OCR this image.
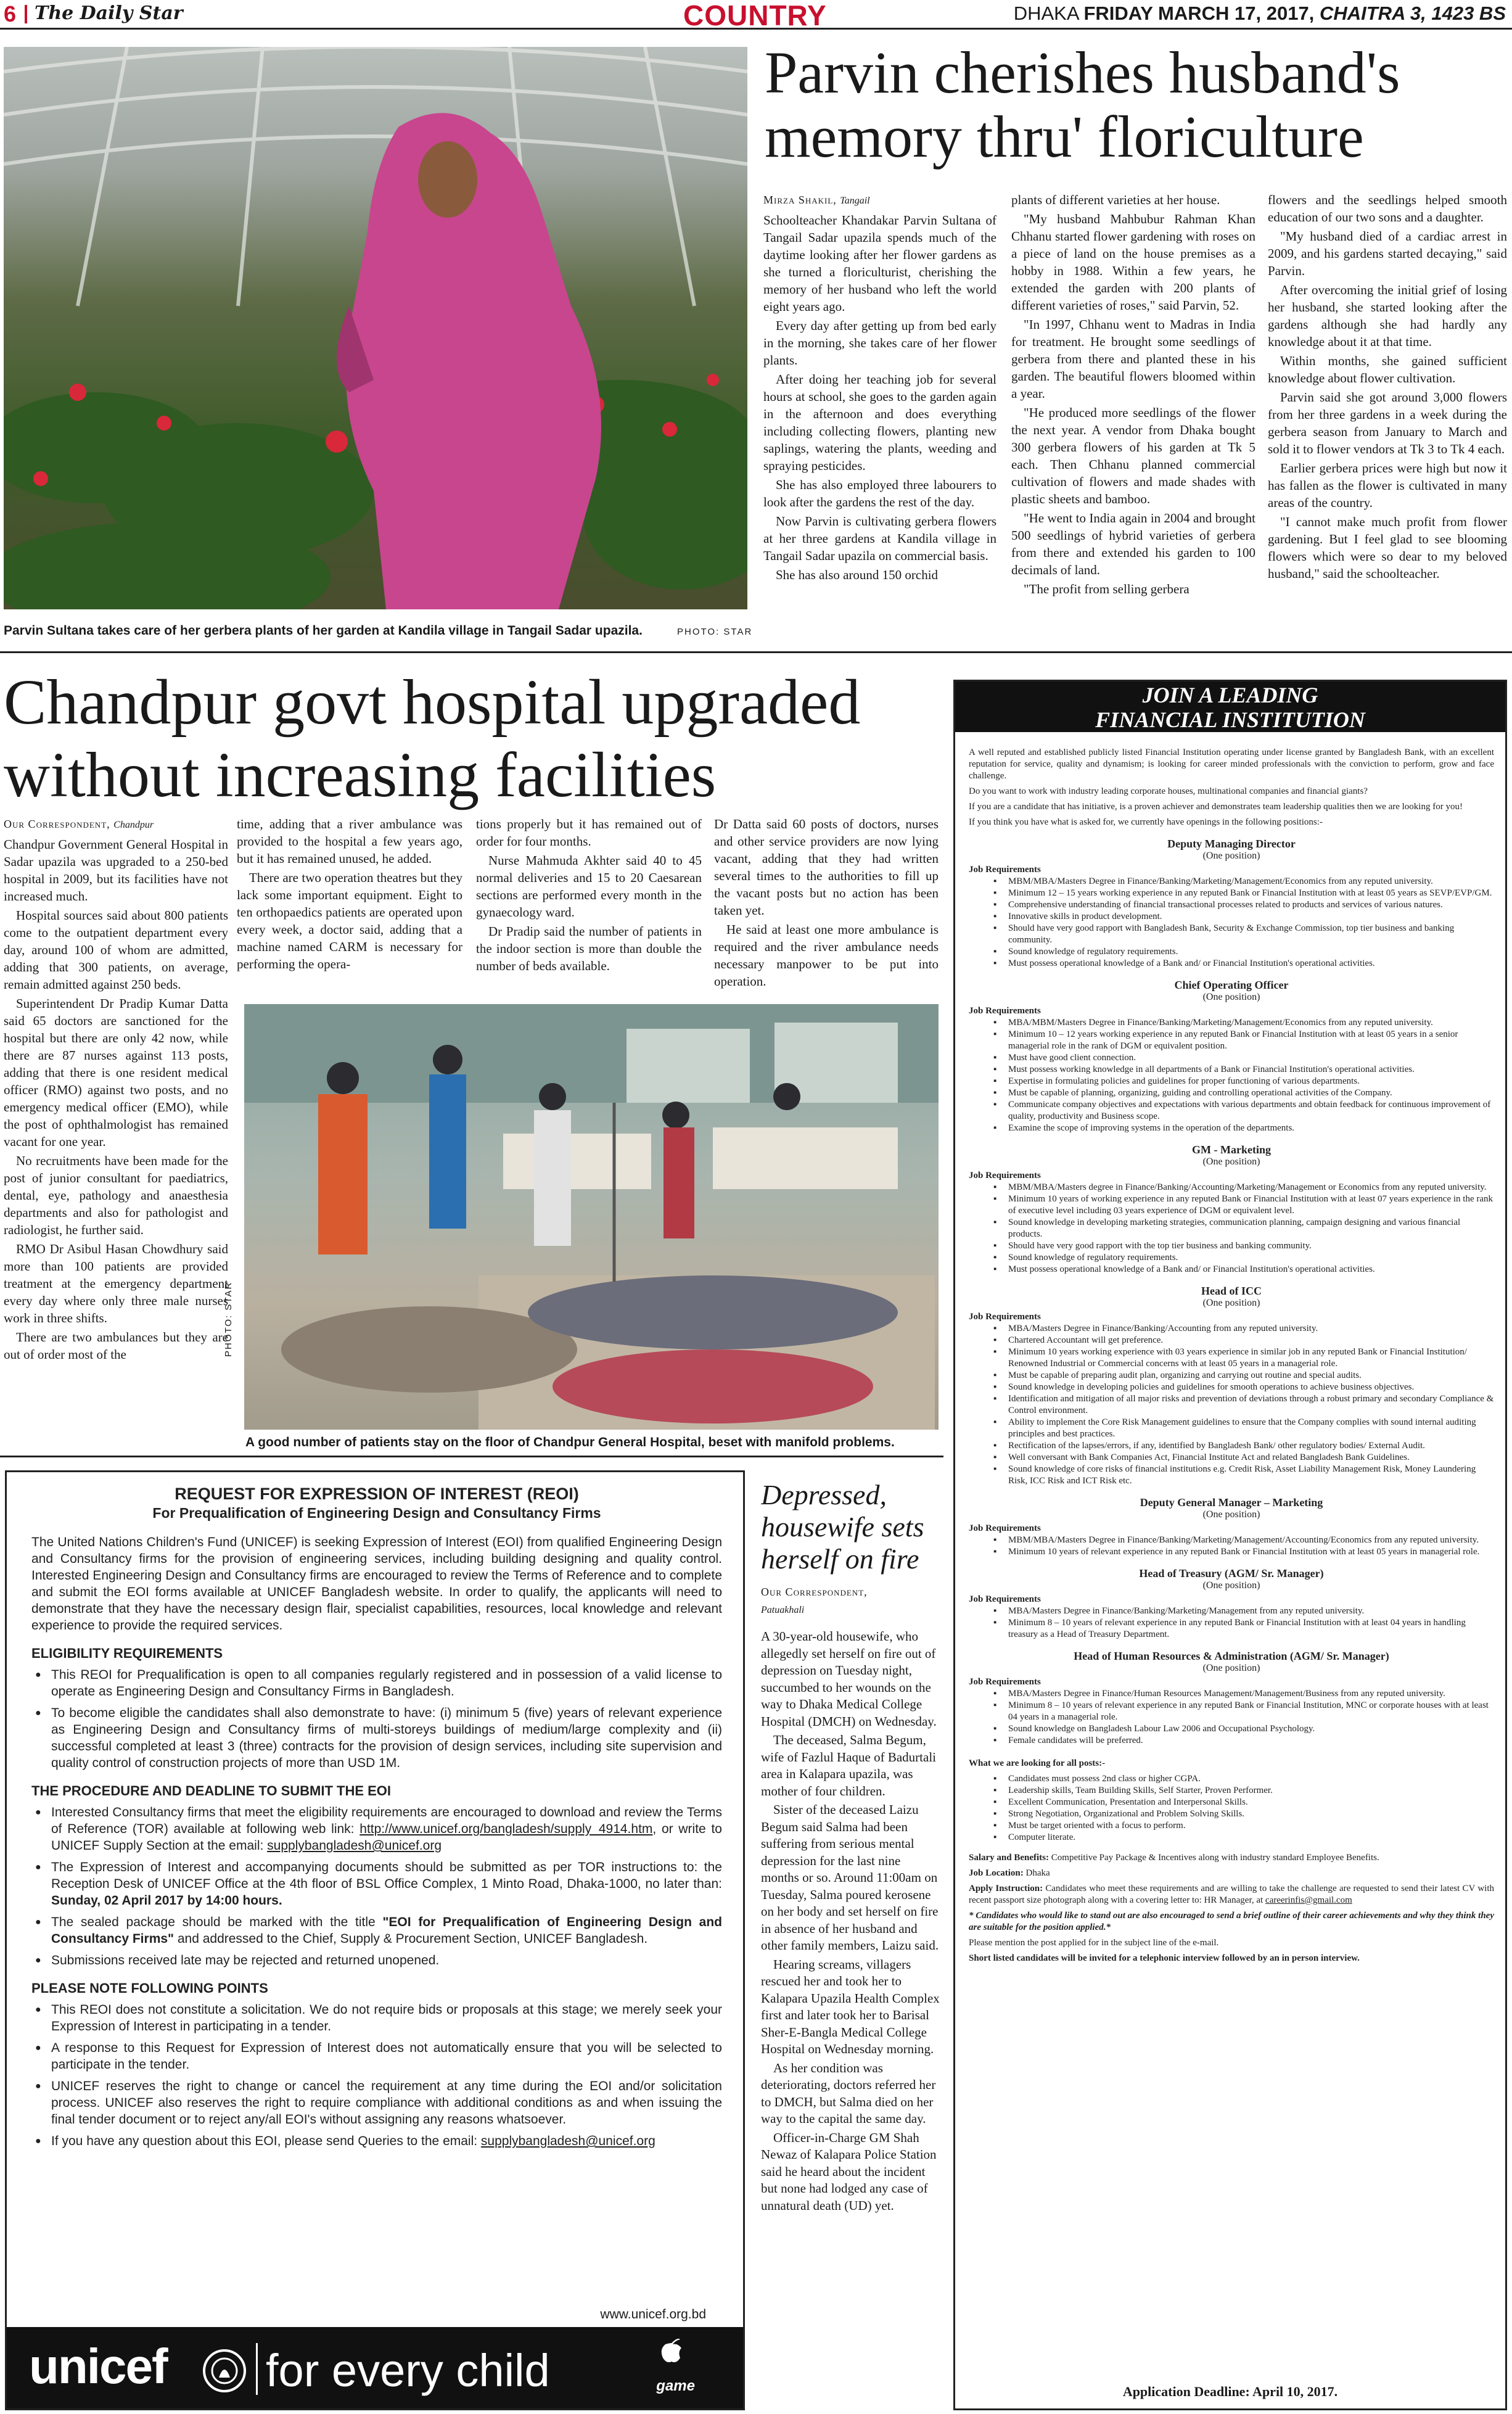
6 The Daily Star	COUNTRY	DHAKA FRIDAY MARCH 17, 2017, CHAITRA 3, 1423 BS
Parvin Sultana takes care of her gerbera plants of her garden at Kandila village in Tangail Sadar upazila.	PHOTO: STAR
Parvin cherishes husband's memory thru' floriculture

Mirza Shakil, Tangail

Schoolteacher Khandakar Parvin Sultana of Tangail Sadar upazila spends much of the daytime looking after her flower gardens as she turned a floriculturist, cherishing the memory of her husband who left the world eight years ago.

Every day after getting up from bed early in the morning, she takes care of her flower plants.

After doing her teaching job for several hours at school, she goes to the garden again in the afternoon and does everything including collecting flowers, planting new saplings, watering the plants, weeding and spraying pesticides.

She has also employed three labourers to look after the gardens the rest of the day.

Now Parvin is cultivating gerbera flowers at her three gardens at Kandila village in Tangail Sadar upazila on commercial basis.

She has also around 150 orchid

plants of different varieties at her house.

"My husband Mahbubur Rahman Khan Chhanu started flower gardening with roses on a piece of land on the house premises as a hobby in 1988. Within a few years, he extended the garden with 200 plants of different varieties of roses," said Parvin, 52.

"In 1997, Chhanu went to Madras in India for treatment. He brought some seedlings of gerbera from there and planted these in his garden. The beautiful flowers bloomed within a year.

"He produced more seedlings of the flower the next year. A vendor from Dhaka bought 300 gerbera flowers of his garden at Tk 5 each. Then Chhanu planned commercial cultivation of flowers and made shades with plastic sheets and bamboo.

"He went to India again in 2004 and brought 500 seedlings of hybrid varieties of gerbera from there and extended his garden to 100 decimals of land.

"The profit from selling gerbera

flowers and the seedlings helped smooth education of our two sons and a daughter.

"My husband died of a cardiac arrest in 2009, and his gardens started decaying," said Parvin.

After overcoming the initial grief of losing her husband, she started looking after the gardens although she had hardly any knowledge about it at that time.

Within months, she gained sufficient knowledge about flower cultivation.

Parvin said she got around 3,000 flowers from her three gardens in a week during the gerbera season from January to March and sold it to flower vendors at Tk 3 to Tk 4 each.

Earlier gerbera prices were high but now it has fallen as the flower is cultivated in many areas of the country.

"I cannot make much profit from flower gardening. But I feel glad to see blooming flowers which were so dear to my beloved husband," said the schoolteacher.

Chandpur govt hospital upgraded without increasing facilities

Our Correspondent, Chandpur

Chandpur Government General Hospital in Sadar upazila was upgraded to a 250-bed hospital in 2009, but its facilities have not increased much.

Hospital sources said about 800 patients come to the outpatient department every day, around 100 of whom are admitted, adding that 300 patients, on average, remain admitted against 250 beds.

Superintendent Dr Pradip Kumar Datta said 65 doctors are sanctioned for the hospital but there are only 42 now, while there are 87 nurses against 113 posts, adding that there is one resident medical officer (RMO) against two posts, and no emergency medical officer (EMO), while the post of ophthalmologist has remained vacant for one year.

No recruitments have been made for the post of junior consultant for paediatrics, dental, eye, pathology and anaesthesia departments and also for pathologist and radiologist, he further said.

RMO Dr Asibul Hasan Chowdhury said more than 100 patients are provided treatment at the emergency department every day where only three male nurses work in three shifts.

There are two ambulances but they are out of order most of the

time, adding that a river ambulance was provided to the hospital a few years ago, but it has remained unused, he added.

There are two operation theatres but they lack some important equipment. Eight to ten orthopaedics patients are operated upon every week, a doctor said, adding that a machine named CARM is necessary for performing the opera-

tions properly but it has remained out of order for four months.

Nurse Mahmuda Akhter said 40 to 45 normal deliveries and 15 to 20 Caesarean sections are performed every month in the gynaecology ward.

Dr Pradip said the number of patients in the indoor section is more than double the number of beds available.

Dr Datta said 60 posts of doctors, nurses and other service providers are now lying vacant, adding that they had written several times to the authorities to fill up the vacant posts but no action has been taken yet.

He said at least one more ambulance is required and the river ambulance needs necessary manpower to be put into operation.

PHOTO: STAR
A good number of patients stay on the floor of Chandpur General Hospital, beset with manifold problems.
JOIN A LEADING
FINANCIAL INSTITUTION

A well reputed and established publicly listed Financial Institution operating under license granted by Bangladesh Bank, with an excellent reputation for service, quality and dynamism; is looking for career minded professionals with the conviction to perform, grow and face challenge.

Do you want to work with industry leading corporate houses, multinational companies and financial giants?

If you are a candidate that has initiative, is a proven achiever and demonstrates team leadership qualities then we are looking for you!

If you think you have what is asked for, we currently have openings in the following positions:-

Deputy Managing Director
(One position)
Job Requirements
▪ MBM/MBA/Masters Degree in Finance/Banking/Marketing/Management/Economics from any reputed university.
▪ Minimum 12 – 15 years working experience in any reputed Bank or Financial Institution with at least 05 years as SEVP/EVP/GM.
▪ Comprehensive understanding of financial transactional processes related to products and services of various natures.
▪ Innovative skills in product development.
▪ Should have very good rapport with Bangladesh Bank, Security & Exchange Commission, top tier business and banking community.
▪ Sound knowledge of regulatory requirements.
▪ Must possess operational knowledge of a Bank and/ or Financial Institution's operational activities.
Chief Operating Officer
(One position)
Job Requirements
▪ MBA/MBM/Masters Degree in Finance/Banking/Marketing/Management/Economics from any reputed university.
▪ Minimum 10 – 12 years working experience in any reputed Bank or Financial Institution with at least 05 years in a senior managerial role in the rank of DGM or equivalent position.
▪ Must have good client connection.
▪ Must possess working knowledge in all departments of a Bank or Financial Institution's operational activities.
▪ Expertise in formulating policies and guidelines for proper functioning of various departments.
▪ Must be capable of planning, organizing, guiding and controlling operational activities of the Company.
▪ Communicate company objectives and expectations with various departments and obtain feedback for continuous improvement of quality, productivity and Business scope.
▪ Examine the scope of improving systems in the operation of the departments.
GM - Marketing
(One position)
Job Requirements
▪ MBM/MBA/Masters degree in Finance/Banking/Accounting/Marketing/Management or Economics from any reputed university.
▪ Minimum 10 years of working experience in any reputed Bank or Financial Institution with at least 07 years experience in the rank of executive level including 03 years experience of DGM or equivalent level.
▪ Sound knowledge in developing marketing strategies, communication planning, campaign designing and various financial products.
▪ Should have very good rapport with the top tier business and banking community.
▪ Sound knowledge of regulatory requirements.
▪ Must possess operational knowledge of a Bank and/ or Financial Institution's operational activities.
Head of ICC
(One position)
Job Requirements
▪ MBA/Masters Degree in Finance/Banking/Accounting from any reputed university.
▪ Chartered Accountant will get preference.
▪ Minimum 10 years working experience with 03 years experience in similar job in any reputed Bank or Financial Institution/ Renowned Industrial or Commercial concerns with at least 05 years in a managerial role.
▪ Must be capable of preparing audit plan, organizing and carrying out routine and special audits.
▪ Sound knowledge in developing policies and guidelines for smooth operations to achieve business objectives.
▪ Identification and mitigation of all major risks and prevention of deviations through a robust primary and secondary Compliance & Control environment.
▪ Ability to implement the Core Risk Management guidelines to ensure that the Company complies with sound internal auditing principles and best practices.
▪ Rectification of the lapses/errors, if any, identified by Bangladesh Bank/ other regulatory bodies/ External Audit.
▪ Well conversant with Bank Companies Act, Financial Institute Act and related Bangladesh Bank Guidelines.
▪ Sound knowledge of core risks of financial institutions e.g. Credit Risk, Asset Liability Management Risk, Money Laundering Risk, ICC Risk and ICT Risk etc.
Deputy General Manager – Marketing
(One position)
Job Requirements
▪ MBM/MBA/Masters Degree in Finance/Banking/Marketing/Management/Accounting/Economics from any reputed university.
▪ Minimum 10 years of relevant experience in any reputed Bank or Financial Institution with at least 05 years in managerial role.
Head of Treasury (AGM/ Sr. Manager)
(One position)
Job Requirements
▪ MBA/Masters Degree in Finance/Banking/Marketing/Management from any reputed university.
▪ Minimum 8 – 10 years of relevant experience in any reputed Bank or Financial Institution with at least 04 years in handling treasury as a Head of Treasury Department.
Head of Human Resources & Administration (AGM/ Sr. Manager)
(One position)
Job Requirements
▪ MBA/Masters Degree in Finance/Human Resources Management/Management/Business from any reputed university.
▪ Minimum 8 – 10 years of relevant experience in any reputed Bank or Financial Institution, MNC or corporate houses with at least 04 years in a managerial role.
▪ Sound knowledge on Bangladesh Labour Law 2006 and Occupational Psychology.
▪ Female candidates will be preferred.

What we are looking for all posts:-

▪ Candidates must possess 2nd class or higher CGPA.
▪ Leadership skills, Team Building Skills, Self Starter, Proven Performer.
▪ Excellent Communication, Presentation and Interpersonal Skills.
▪ Strong Negotiation, Organizational and Problem Solving Skills.
▪ Must be target oriented with a focus to perform.
▪ Computer literate.

Salary and Benefits: Competitive Pay Package & Incentives along with industry standard Employee Benefits.

Job Location: Dhaka

Apply Instruction: Candidates who meet these requirements and are willing to take the challenge are requested to send their latest CV with recent passport size photograph along with a covering letter to: HR Manager, at careerinfis@gmail.com

* Candidates who would like to stand out are also encouraged to send a brief outline of their career achievements and why they think they are suitable for the position applied.*

Please mention the post applied for in the subject line of the e-mail.

Short listed candidates will be invited for a telephonic interview followed by an in person interview.

Application Deadline: April 10, 2017.
REQUEST FOR EXPRESSION OF INTEREST (REOI)
For Prequalification of Engineering Design and Consultancy Firms

The United Nations Children's Fund (UNICEF) is seeking Expression of Interest (EOI) from qualified Engineering Design and Consultancy firms for the provision of engineering services, including building designing and quality control. Interested Engineering Design and Consultancy firms are encouraged to review the Terms of Reference and to complete and submit the EOI forms available at UNICEF Bangladesh website. In order to qualify, the applicants will need to demonstrate that they have the necessary design flair, specialist capabilities, resources, local knowledge and relevant experience to provide the required services.

ELIGIBILITY REQUIREMENTS
● This REOI for Prequalification is open to all companies regularly registered and in possession of a valid license to operate as Engineering Design and Consultancy Firms in Bangladesh.
● To become eligible the candidates shall also demonstrate to have: (i) minimum 5 (five) years of relevant experience as Engineering Design and Consultancy firms of multi-storeys buildings of medium/large complexity and (ii) successful completed at least 3 (three) contracts for the provision of design services, including site supervision and quality control of construction projects of more than USD 1M.
THE PROCEDURE AND DEADLINE TO SUBMIT THE EOI
● Interested Consultancy firms that meet the eligibility requirements are encouraged to download and review the Terms of Reference (TOR) available at following web link: http://www.unicef.org/bangladesh/supply_4914.htm, or write to UNICEF Supply Section at the email: supplybangladesh@unicef.org
● The Expression of Interest and accompanying documents should be submitted as per TOR instructions to: the Reception Desk of UNICEF Office at the 4th floor of BSL Office Complex, 1 Minto Road, Dhaka-1000, no later than: Sunday, 02 April 2017 by 14:00 hours.
● The sealed package should be marked with the title "EOI for Prequalification of Engineering Design and Consultancy Firms" and addressed to the Chief, Supply & Procurement Section, UNICEF Bangladesh.
● Submissions received late may be rejected and returned unopened.
PLEASE NOTE FOLLOWING POINTS
● This REOI does not constitute a solicitation. We do not require bids or proposals at this stage; we merely seek your Expression of Interest in participating in a tender.
● A response to this Request for Expression of Interest does not automatically ensure that you will be selected to participate in the tender.
● UNICEF reserves the right to change or cancel the requirement at any time during the EOI and/or solicitation process. UNICEF also reserves the right to require compliance with additional conditions as and when issuing the final tender document or to reject any/all EOI's without assigning any reasons whatsoever.
● If you have any question about this EOI, please send Queries to the email: supplybangladesh@unicef.org
www.unicef.org.bd
unicef for every child	game
Depressed, housewife sets herself on fire

Our Correspondent,
Patuakhali

A 30-year-old housewife, who allegedly set herself on fire out of depression on Tuesday night, succumbed to her wounds on the way to Dhaka Medical College Hospital (DMCH) on Wednesday.

The deceased, Salma Begum, wife of Fazlul Haque of Badurtali area in Kalapara upazila, was mother of four children.

Sister of the deceased Laizu Begum said Salma had been suffering from serious mental depression for the last nine months or so. Around 11:00am on Tuesday, Salma poured kerosene on her body and set herself on fire in absence of her husband and other family members, Laizu said.

Hearing screams, villagers rescued her and took her to Kalapara Upazila Health Complex first and later took her to Barisal Sher-E-Bangla Medical College Hospital on Wednesday morning.

As her condition was deteriorating, doctors referred her to DMCH, but Salma died on her way to the capital the same day.

Officer-in-Charge GM Shah Newaz of Kalapara Police Station said he heard about the incident but none had lodged any case of unnatural death (UD) yet.
